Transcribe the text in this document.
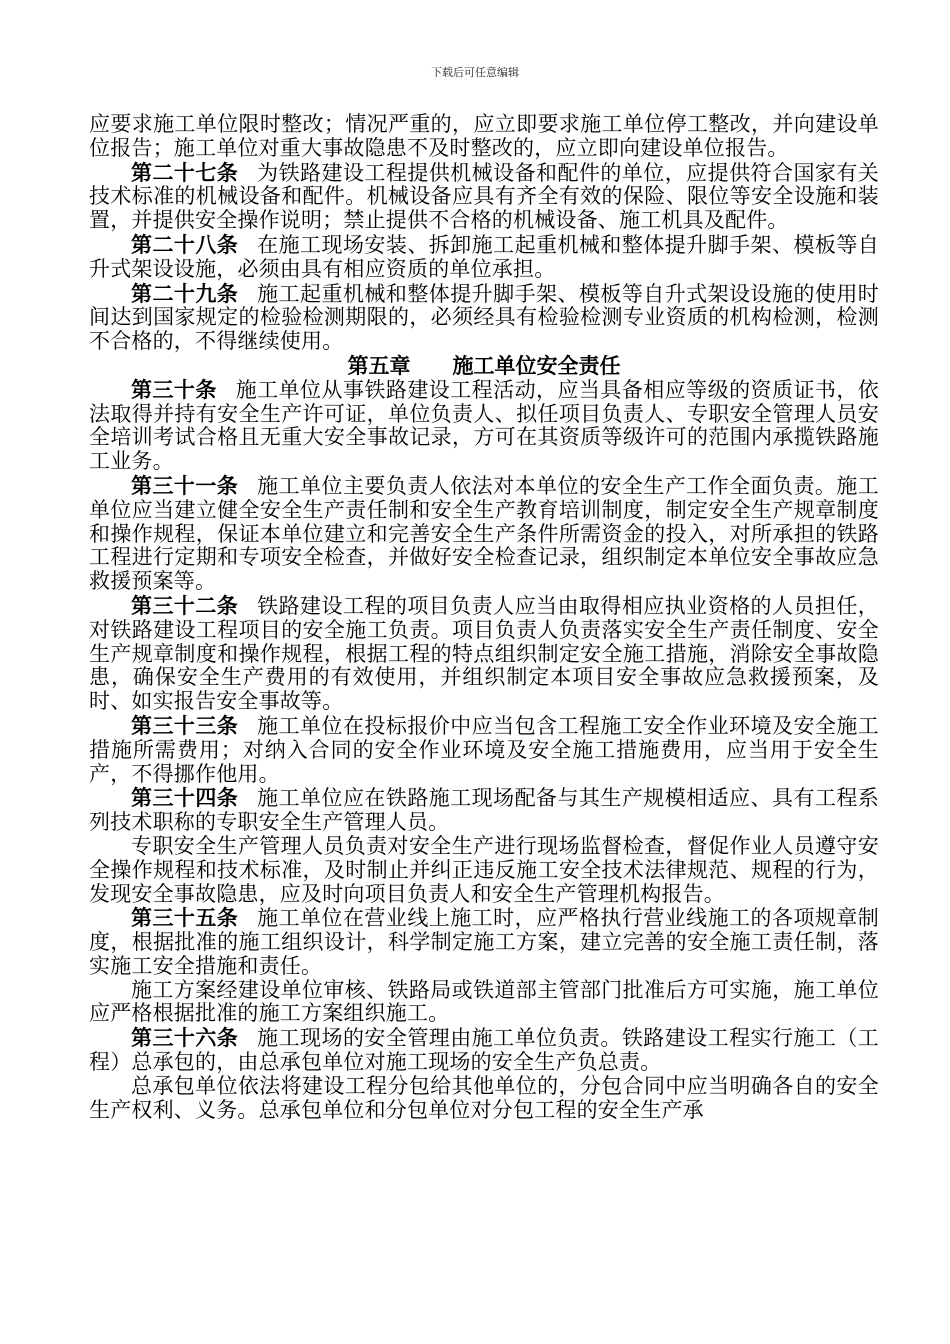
下载后可任意编辑

应要求施工单位限时整改；情况严重的，应立即要求施工单位停工整改，并向建设单位报告；施工单位对重大事故隐患不及时整改的，应立即向建设单位报告。

第二十七条 为铁路建设工程提供机械设备和配件的单位，应提供符合国家有关技术标准的机械设备和配件。机械设备应具有齐全有效的保险、限位等安全设施和装置，并提供安全操作说明；禁止提供不合格的机械设备、施工机具及配件。

第二十八条 在施工现场安装、拆卸施工起重机械和整体提升脚手架、模板等自升式架设设施，必须由具有相应资质的单位承担。

第二十九条 施工起重机械和整体提升脚手架、模板等自升式架设设施的使用时间达到国家规定的检验检测期限的，必须经具有检验检测专业资质的机构检测，检测不合格的，不得继续使用。

第五章 施工单位安全责任

第三十条 施工单位从事铁路建设工程活动，应当具备相应等级的资质证书，依法取得并持有安全生产许可证，单位负责人、拟任项目负责人、专职安全管理人员安全培训考试合格且无重大安全事故记录，方可在其资质等级许可的范围内承揽铁路施工业务。

第三十一条 施工单位主要负责人依法对本单位的安全生产工作全面负责。施工单位应当建立健全安全生产责任制和安全生产教育培训制度，制定安全生产规章制度和操作规程，保证本单位建立和完善安全生产条件所需资金的投入，对所承担的铁路工程进行定期和专项安全检查，并做好安全检查记录，组织制定本单位安全事故应急救援预案等。

第三十二条 铁路建设工程的项目负责人应当由取得相应执业资格的人员担任，对铁路建设工程项目的安全施工负责。项目负责人负责落实安全生产责任制度、安全生产规章制度和操作规程，根据工程的特点组织制定安全施工措施，消除安全事故隐患，确保安全生产费用的有效使用，并组织制定本项目安全事故应急救援预案，及时、如实报告安全事故等。

第三十三条 施工单位在投标报价中应当包含工程施工安全作业环境及安全施工措施所需费用；对纳入合同的安全作业环境及安全施工措施费用，应当用于安全生产，不得挪作他用。

第三十四条 施工单位应在铁路施工现场配备与其生产规模相适应、具有工程系列技术职称的专职安全生产管理人员。

专职安全生产管理人员负责对安全生产进行现场监督检查，督促作业人员遵守安全操作规程和技术标准，及时制止并纠正违反施工安全技术法律规范、规程的行为，发现安全事故隐患，应及时向项目负责人和安全生产管理机构报告。

第三十五条 施工单位在营业线上施工时，应严格执行营业线施工的各项规章制度，根据批准的施工组织设计，科学制定施工方案，建立完善的安全施工责任制，落实施工安全措施和责任。

施工方案经建设单位审核、铁路局或铁道部主管部门批准后方可实施，施工单位应严格根据批准的施工方案组织施工。

第三十六条 施工现场的安全管理由施工单位负责。铁路建设工程实行施工（工程）总承包的，由总承包单位对施工现场的安全生产负总责。

总承包单位依法将建设工程分包给其他单位的，分包合同中应当明确各自的安全生产权利、义务。总承包单位和分包单位对分包工程的安全生产承
